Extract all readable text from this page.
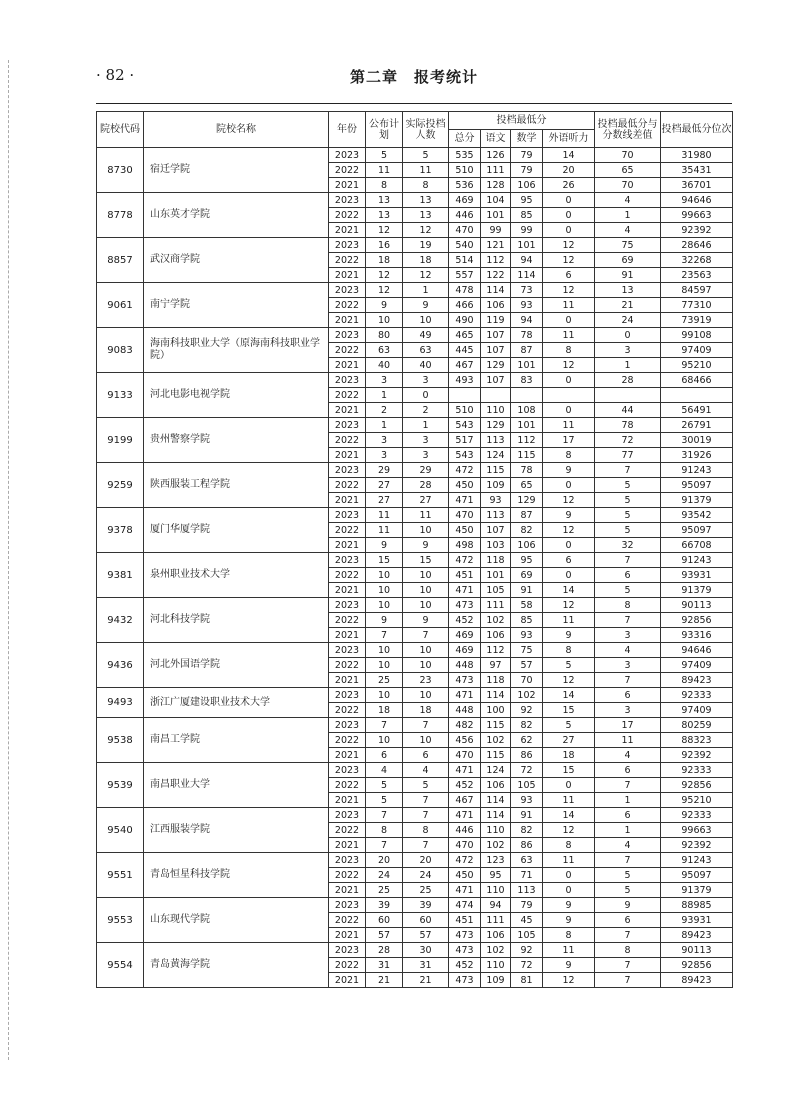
· 82 ·	第二章　报考统计
院校代码	院校名称	年份	公布计划	实际投档人数	投档最低分				投档最低分与分数线差值	投档最低分位次
					总分	语文	数学	外语听力		
8730	宿迁学院	2023	5	5	535	126	79	14	70	31980
		2022	11	11	510	111	79	20	65	35431
		2021	8	8	536	128	106	26	70	36701
8778	山东英才学院	2023	13	13	469	104	95	0	4	94646
		2022	13	13	446	101	85	0	1	99663
		2021	12	12	470	99	99	0	4	92392
8857	武汉商学院	2023	16	19	540	121	101	12	75	28646
		2022	18	18	514	112	94	12	69	32268
		2021	12	12	557	122	114	6	91	23563
9061	南宁学院	2023	12	1	478	114	73	12	13	84597
		2022	9	9	466	106	93	11	21	77310
		2021	10	10	490	119	94	0	24	73919
9083	海南科技职业大学（原海南科技职业学院）	2023	80	49	465	107	78	11	0	99108
		2022	63	63	445	107	87	8	3	97409
		2021	40	40	467	129	101	12	1	95210
9133	河北电影电视学院	2023	3	3	493	107	83	0	28	68466
		2022	1	0						
		2021	2	2	510	110	108	0	44	56491
9199	贵州警察学院	2023	1	1	543	129	101	11	78	26791
		2022	3	3	517	113	112	17	72	30019
		2021	3	3	543	124	115	8	77	31926
9259	陕西服装工程学院	2023	29	29	472	115	78	9	7	91243
		2022	27	28	450	109	65	0	5	95097
		2021	27	27	471	93	129	12	5	91379
9378	厦门华厦学院	2023	11	11	470	113	87	9	5	93542
		2022	11	10	450	107	82	12	5	95097
		2021	9	9	498	103	106	0	32	66708
9381	泉州职业技术大学	2023	15	15	472	118	95	6	7	91243
		2022	10	10	451	101	69	0	6	93931
		2021	10	10	471	105	91	14	5	91379
9432	河北科技学院	2023	10	10	473	111	58	12	8	90113
		2022	9	9	452	102	85	11	7	92856
		2021	7	7	469	106	93	9	3	93316
9436	河北外国语学院	2023	10	10	469	112	75	8	4	94646
		2022	10	10	448	97	57	5	3	97409
		2021	25	23	473	118	70	12	7	89423
9493	浙江广厦建设职业技术大学	2023	10	10	471	114	102	14	6	92333
		2022	18	18	448	100	92	15	3	97409
9538	南昌工学院	2023	7	7	482	115	82	5	17	80259
		2022	10	10	456	102	62	27	11	88323
		2021	6	6	470	115	86	18	4	92392
9539	南昌职业大学	2023	4	4	471	124	72	15	6	92333
		2022	5	5	452	106	105	0	7	92856
		2021	5	7	467	114	93	11	1	95210
9540	江西服装学院	2023	7	7	471	114	91	14	6	92333
		2022	8	8	446	110	82	12	1	99663
		2021	7	7	470	102	86	8	4	92392
9551	青岛恒星科技学院	2023	20	20	472	123	63	11	7	91243
		2022	24	24	450	95	71	0	5	95097
		2021	25	25	471	110	113	0	5	91379
9553	山东现代学院	2023	39	39	474	94	79	9	9	88985
		2022	60	60	451	111	45	9	6	93931
		2021	57	57	473	106	105	8	7	89423
9554	青岛黄海学院	2023	28	30	473	102	92	11	8	90113
		2022	31	31	452	110	72	9	7	92856
		2021	21	21	473	109	81	12	7	89423
